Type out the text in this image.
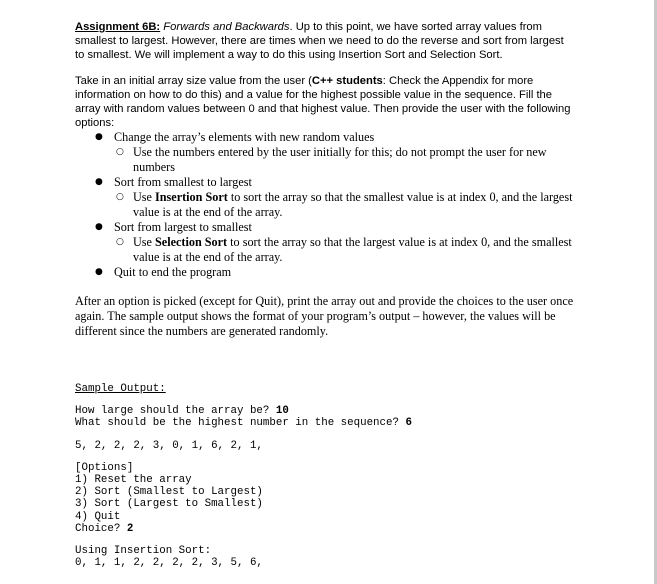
Assignment 6B: Forwards and Backwards. Up to this point, we have sorted array values from smallest to largest. However, there are times when we need to do the reverse and sort from largest to smallest. We will implement a way to do this using Insertion Sort and Selection Sort.

Take in an initial array size value from the user (C++ students: Check the Appendix for more information on how to do this) and a value for the highest possible value in the sequence. Fill the array with random values between 0 and that highest value. Then provide the user with the following options:

● Change the array’s elements with new random values
○ Use the numbers entered by the user initially for this; do not prompt the user for new numbers
● Sort from smallest to largest
○ Use Insertion Sort to sort the array so that the smallest value is at index 0, and the largest value is at the end of the array.
● Sort from largest to smallest
○ Use Selection Sort to sort the array so that the largest value is at index 0, and the smallest value is at the end of the array.
● Quit to end the program

After an option is picked (except for Quit), print the array out and provide the choices to the user once again. The sample output shows the format of your program’s output – however, the values will be different since the numbers are generated randomly.

Sample Output:

How large should the array be? 10
What should be the highest number in the sequence? 6

5, 2, 2, 2, 3, 0, 1, 6, 2, 1,

[Options]
1) Reset the array
2) Sort (Smallest to Largest)
3) Sort (Largest to Smallest)
4) Quit
Choice? 2

Using Insertion Sort:
0, 1, 1, 2, 2, 2, 2, 3, 5, 6,
